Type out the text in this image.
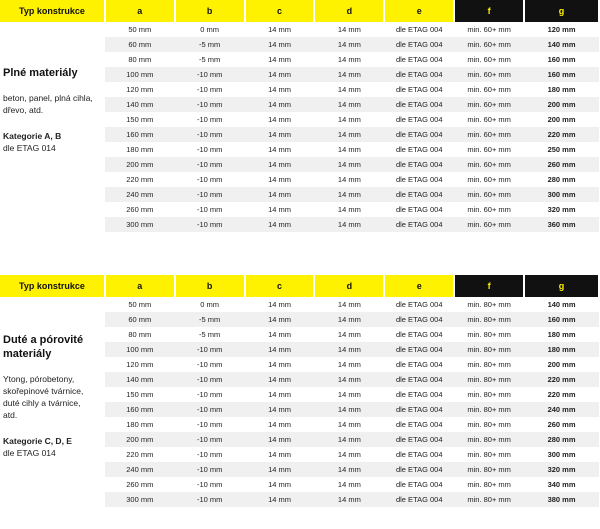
Typ konstrukce	a	b	c	d	e	f	g
	50 mm	0 mm	14 mm	14 mm	dle ETAG 004	min. 60+ mm	120 mm
	60 mm	-5 mm	14 mm	14 mm	dle ETAG 004	min. 60+ mm	140 mm
	80 mm	-5 mm	14 mm	14 mm	dle ETAG 004	min. 60+ mm	160 mm
	100 mm	-10 mm	14 mm	14 mm	dle ETAG 004	min. 60+ mm	160 mm
	120 mm	-10 mm	14 mm	14 mm	dle ETAG 004	min. 60+ mm	180 mm
	140 mm	-10 mm	14 mm	14 mm	dle ETAG 004	min. 60+ mm	200 mm
	150 mm	-10 mm	14 mm	14 mm	dle ETAG 004	min. 60+ mm	200 mm
	160 mm	-10 mm	14 mm	14 mm	dle ETAG 004	min. 60+ mm	220 mm
	180 mm	-10 mm	14 mm	14 mm	dle ETAG 004	min. 60+ mm	250 mm
	200 mm	-10 mm	14 mm	14 mm	dle ETAG 004	min. 60+ mm	260 mm
	220 mm	-10 mm	14 mm	14 mm	dle ETAG 004	min. 60+ mm	280 mm
	240 mm	-10 mm	14 mm	14 mm	dle ETAG 004	min. 60+ mm	300 mm
	260 mm	-10 mm	14 mm	14 mm	dle ETAG 004	min. 60+ mm	320 mm
	300 mm	-10 mm	14 mm	14 mm	dle ETAG 004	min. 60+ mm	360 mm
Plné materiály
beton, panel, plná cihla, dřevo, atd.
Kategorie A, B
dle ETAG 014
Typ konstrukce	a	b	c	d	e	f	g
	50 mm	0 mm	14 mm	14 mm	dle ETAG 004	min. 80+ mm	140 mm
	60 mm	-5 mm	14 mm	14 mm	dle ETAG 004	min. 80+ mm	160 mm
	80 mm	-5 mm	14 mm	14 mm	dle ETAG 004	min. 80+ mm	180 mm
	100 mm	-10 mm	14 mm	14 mm	dle ETAG 004	min. 80+ mm	180 mm
	120 mm	-10 mm	14 mm	14 mm	dle ETAG 004	min. 80+ mm	200 mm
	140 mm	-10 mm	14 mm	14 mm	dle ETAG 004	min. 80+ mm	220 mm
	150 mm	-10 mm	14 mm	14 mm	dle ETAG 004	min. 80+ mm	220 mm
	160 mm	-10 mm	14 mm	14 mm	dle ETAG 004	min. 80+ mm	240 mm
	180 mm	-10 mm	14 mm	14 mm	dle ETAG 004	min. 80+ mm	260 mm
	200 mm	-10 mm	14 mm	14 mm	dle ETAG 004	min. 80+ mm	280 mm
	220 mm	-10 mm	14 mm	14 mm	dle ETAG 004	min. 80+ mm	300 mm
	240 mm	-10 mm	14 mm	14 mm	dle ETAG 004	min. 80+ mm	320 mm
	260 mm	-10 mm	14 mm	14 mm	dle ETAG 004	min. 80+ mm	340 mm
	300 mm	-10 mm	14 mm	14 mm	dle ETAG 004	min. 80+ mm	380 mm
Duté a pórovité materiály
Ytong, pórobetony, skořepinové tvárnice, duté cihly a tvárnice, atd.
Kategorie C, D, E
dle ETAG 014
